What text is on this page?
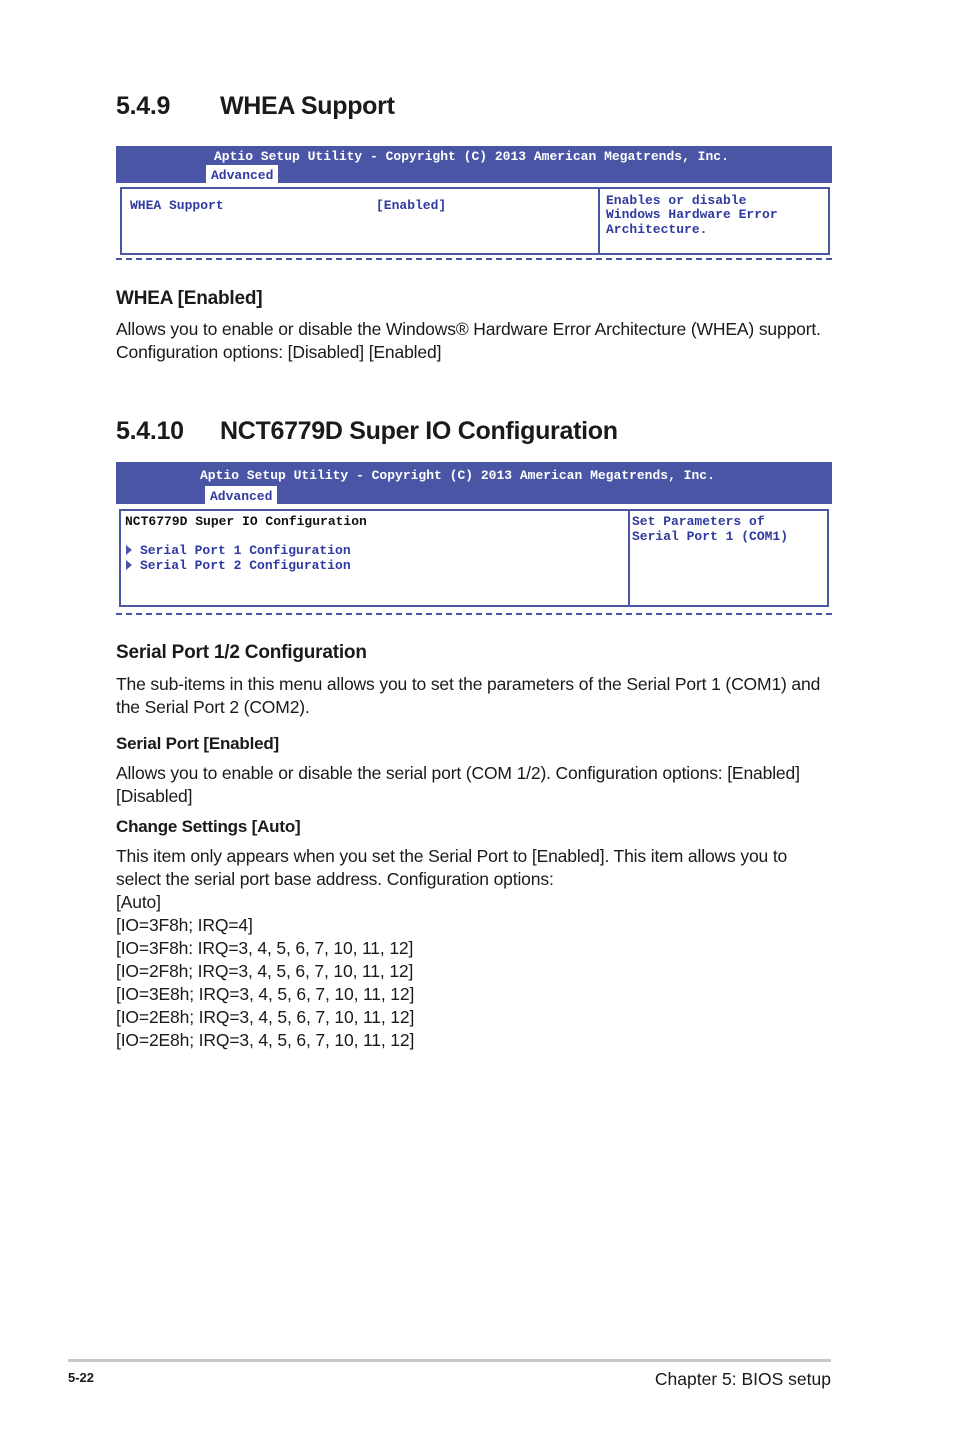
5.4.9 WHEA Support
Aptio Setup Utility - Copyright (C) 2013 American Megatrends, Inc.
Advanced
WHEA Support	[Enabled]	Enables or disable
Windows Hardware Error
Architecture.
WHEA [Enabled]

Allows you to enable or disable the Windows® Hardware Error Architecture (WHEA) support.

Configuration options: [Disabled] [Enabled]

5.4.10 NCT6779D Super IO Configuration
Aptio Setup Utility - Copyright (C) 2013 American Megatrends, Inc.
Advanced
NCT6779D Super IO Configuration
Serial Port 1 Configuration
Serial Port 2 Configuration
Set Parameters of
Serial Port 1 (COM1)
Serial Port 1/2 Configuration

The sub-items in this menu allows you to set the parameters of the Serial Port 1 (COM1) and

the Serial Port 2 (COM2).

Serial Port [Enabled]

Allows you to enable or disable the serial port (COM 1/2). Configuration options: [Enabled]

[Disabled]

Change Settings [Auto]

This item only appears when you set the Serial Port to [Enabled]. This item allows you to

select the serial port base address. Configuration options:

[Auto]

[IO=3F8h; IRQ=4]

[IO=3F8h: IRQ=3, 4, 5, 6, 7, 10, 11, 12]

[IO=2F8h; IRQ=3, 4, 5, 6, 7, 10, 11, 12]

[IO=3E8h; IRQ=3, 4, 5, 6, 7, 10, 11, 12]

[IO=2E8h; IRQ=3, 4, 5, 6, 7, 10, 11, 12]

[IO=2E8h; IRQ=3, 4, 5, 6, 7, 10, 11, 12]

5-22	Chapter 5: BIOS setup
